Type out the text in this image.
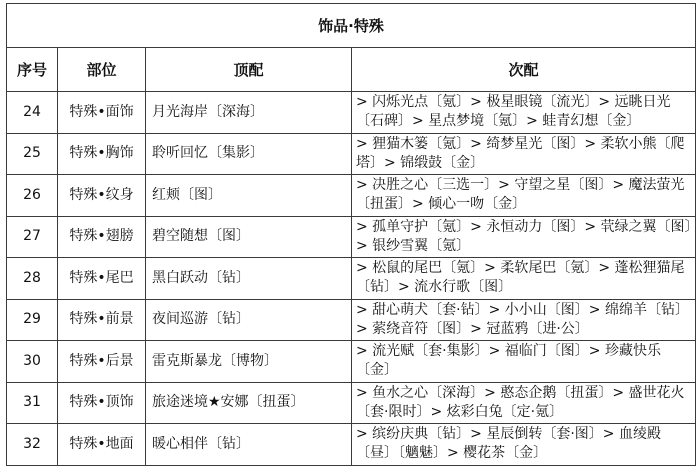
饰品·特殊			
序号	部位	顶配	次配
24	特殊•面饰	月光海岸〔深海〕	> 闪烁光点〔氪〕> 极星眼镜〔流光〕> 远眺日光〔石碑〕> 星点梦境〔氪〕> 蛙青幻想〔金〕
25	特殊•胸饰	聆听回忆〔集影〕	> 狸猫木篓〔氪〕> 绮梦星光〔图〕> 柔软小熊〔爬塔〕> 锦缎鼓〔金〕
26	特殊•纹身	红颊〔图〕	> 决胜之心〔三选一〕> 守望之星〔图〕> 魔法萤光〔扭蛋〕> 倾心一吻〔金〕
27	特殊•翅膀	碧空随想〔图〕	> 孤单守护〔氪〕> 永恒动力〔图〕> 茕绿之翼〔图〕> 银纱雪翼〔氪〕
28	特殊•尾巴	黑白跃动〔钻〕	> 松鼠的尾巴〔氪〕> 柔软尾巴〔氪〕> 蓬松狸猫尾〔钻〕> 流水行歌〔图〕
29	特殊•前景	夜间巡游〔钻〕	> 甜心萌犬〔套·钻〕> 小小山〔图〕> 绵绵羊〔钻〕> 萦绕音符〔图〕> 冠蓝鸦〔进·公〕
30	特殊•后景	雷克斯暴龙〔博物〕	> 流光赋〔套·集影〕> 福临门〔图〕> 珍藏快乐〔金〕
31	特殊•顶饰	旅途迷境★安娜〔扭蛋〕	> 鱼水之心〔深海〕> 憨态企鹅〔扭蛋〕> 盛世花火〔套·限时〕> 炫彩白兔〔定·氪〕
32	特殊•地面	暖心相伴〔钻〕	> 缤纷庆典〔钻〕> 星辰倒转〔套·图〕> 血绫殿〔昼〕〔魑魅〕> 樱花茶〔金〕
